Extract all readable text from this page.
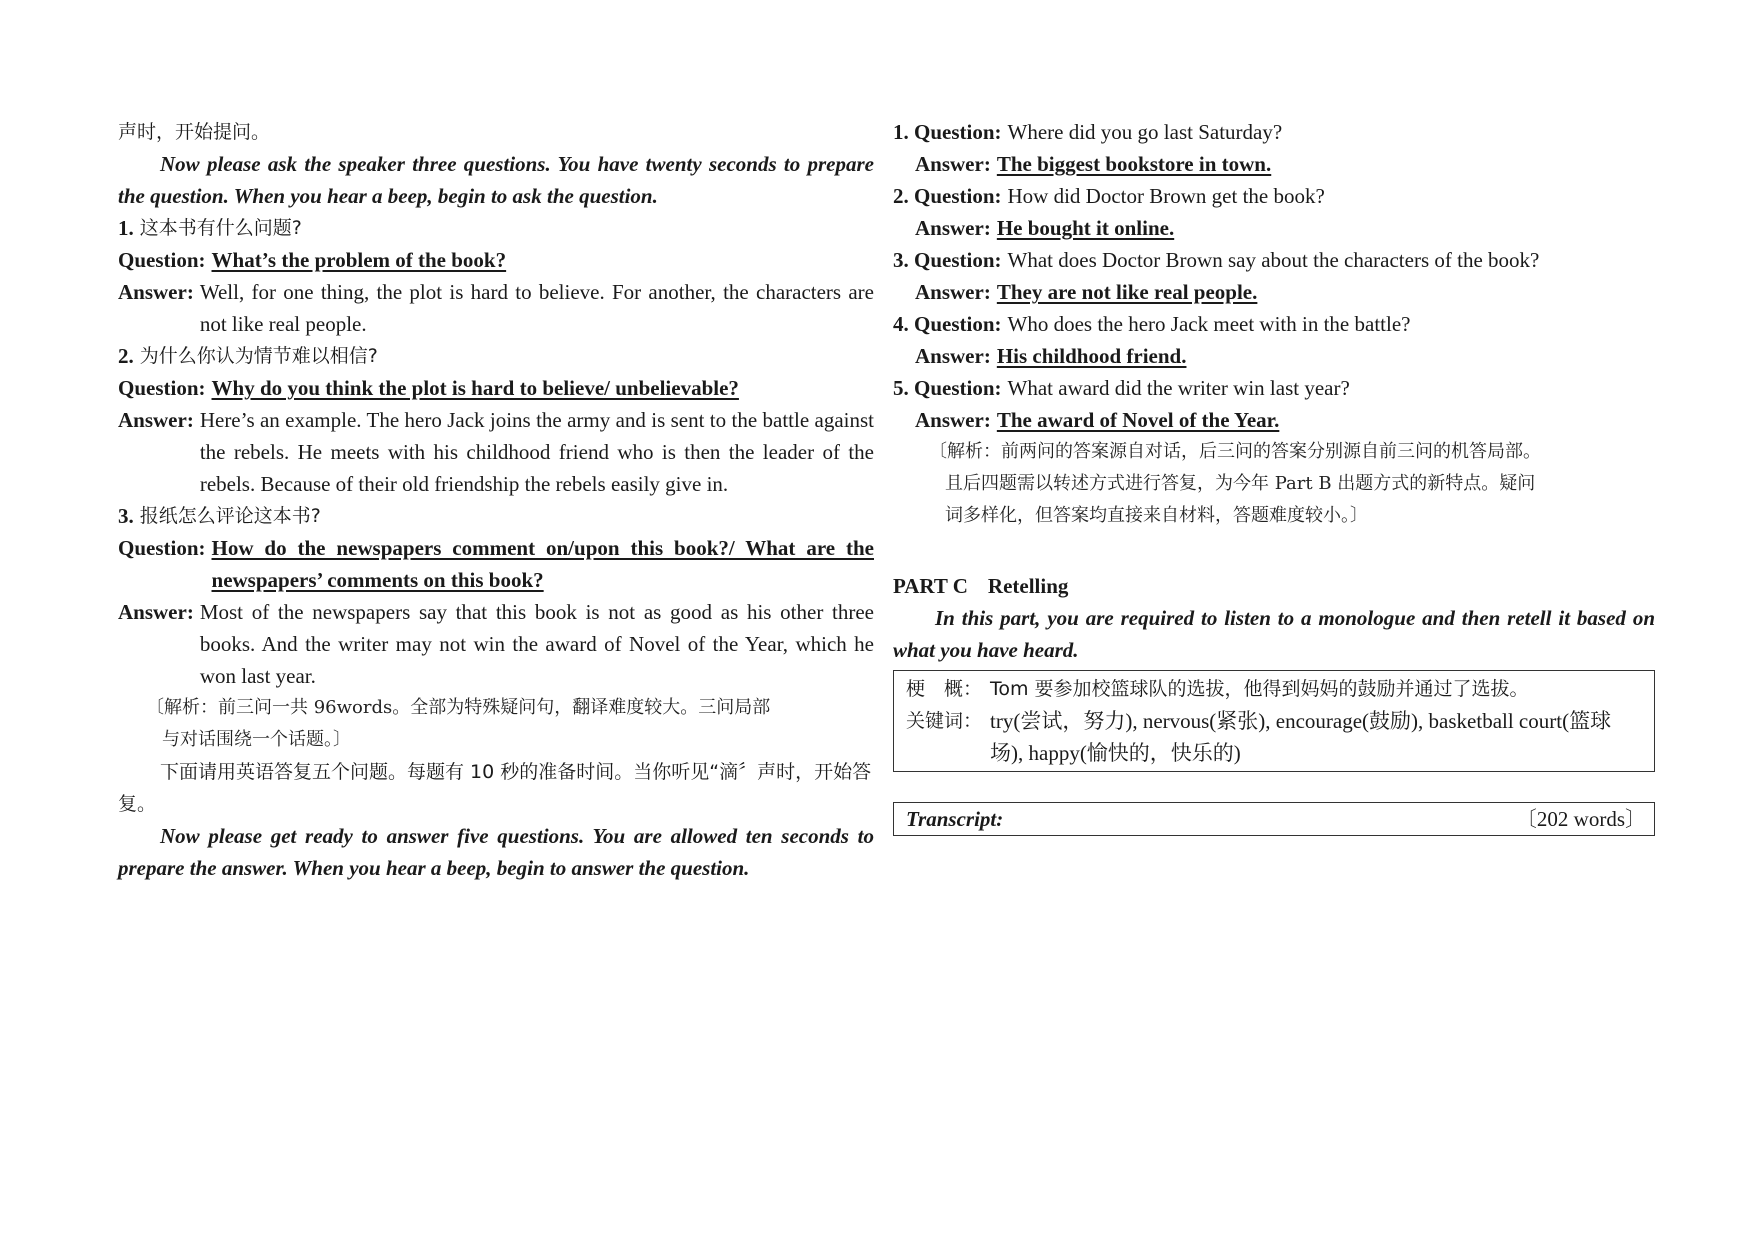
声时，开始提问。

Now please ask the speaker three questions. You have twenty seconds to prepare the question. When you hear a beep, begin to ask the question.

1. 这本书有什么问题?
Question: What’s the problem of the book?
Answer: Well, for one thing, the plot is hard to believe. For another, the characters are not like real people.
2. 为什么你认为情节难以相信?
Question: Why do you think the plot is hard to believe/ unbelievable?
Answer: Here’s an example. The hero Jack joins the army and is sent to the battle against the rebels. He meets with his childhood friend who is then the leader of the rebels. Because of their old friendship the rebels easily give in.
3. 报纸怎么评论这本书?
Question: How do the newspapers comment on/upon this book?/ What are the newspapers’ comments on this book?
Answer: Most of the newspapers say that this book is not as good as his other three books. And the writer may not win the award of Novel of the Year, which he won last year.
〔解析：前三问一共 96words。全部为特殊疑问句，翻译难度较大。三问局部
与对话围绕一个话题。〕

下面请用英语答复五个问题。每题有 10 秒的准备时间。当你听见“滴〞声时，开始答复。

Now please get ready to answer five questions. You are allowed ten seconds to prepare the answer. When you hear a beep, begin to answer the question.

1.
Question: Where did you go last Saturday?
Answer: The biggest bookstore in town.
2.
Question: How did Doctor Brown get the book?
Answer: He bought it online.
3.
Question: What does Doctor Brown say about the characters of the book?
Answer: They are not like real people.
4.
Question: Who does the hero Jack meet with in the battle?
Answer: His childhood friend.
5.
Question: What award did the writer win last year?
Answer: The award of Novel of the Year.
〔解析：前两问的答案源自对话，后三问的答案分别源自前三问的机答局部。
且后四题需以转述方式进行答复，为今年 Part B 出题方式的新特点。疑问
词多样化，但答案均直接来自材料，答题难度较小。〕
PART C Retelling

In this part, you are required to listen to a monologue and then retell it based on what you have heard.

梗　概： Tom 要参加校篮球队的选拔，他得到妈妈的鼓励并通过了选拔。
关键词： try(尝试，努力), nervous(紧张), encourage(鼓励), basketball court(篮球场), happy(愉快的，快乐的)
Transcript:	〔202 words〕
